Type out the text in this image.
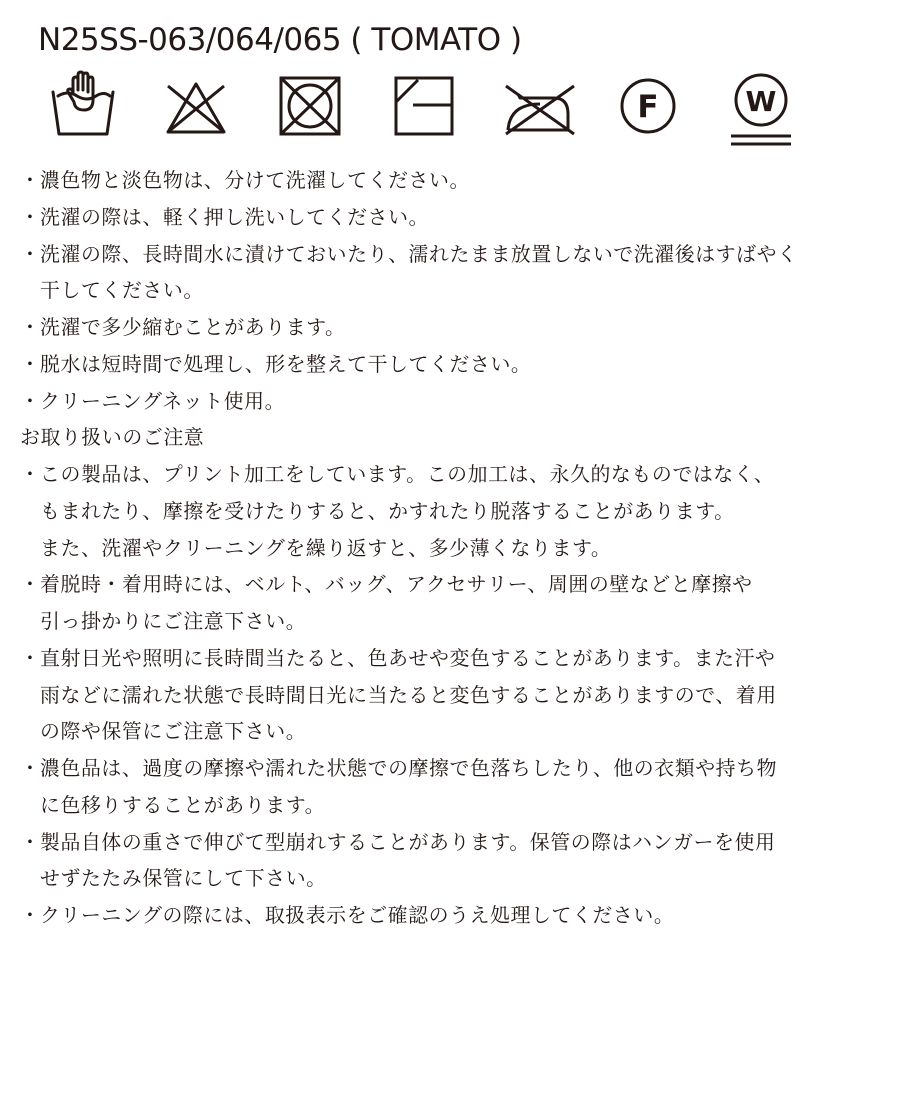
N25SS-063/064/065 ( TOMATO )
F	W
・濃色物と淡色物は、分けて洗濯してください。
・洗濯の際は、軽く押し洗いしてください。
・洗濯の際、長時間水に漬けておいたり、濡れたまま放置しないで洗濯後はすばやく
干してください。
・洗濯で多少縮むことがあります。
・脱水は短時間で処理し、形を整えて干してください。
・クリーニングネット使用。
お取り扱いのご注意
・この製品は、プリント加工をしています。この加工は、永久的なものではなく、
もまれたり、摩擦を受けたりすると、かすれたり脱落することがあります。
また、洗濯やクリーニングを繰り返すと、多少薄くなります。
・着脱時・着用時には、ベルト、バッグ、アクセサリー、周囲の壁などと摩擦や
引っ掛かりにご注意下さい。
・直射日光や照明に長時間当たると、色あせや変色することがあります。また汗や
雨などに濡れた状態で長時間日光に当たると変色することがありますので、着用
の際や保管にご注意下さい。
・濃色品は、過度の摩擦や濡れた状態での摩擦で色落ちしたり、他の衣類や持ち物
に色移りすることがあります。
・製品自体の重さで伸びて型崩れすることがあります。保管の際はハンガーを使用
せずたたみ保管にして下さい。
・クリーニングの際には、取扱表示をご確認のうえ処理してください。
